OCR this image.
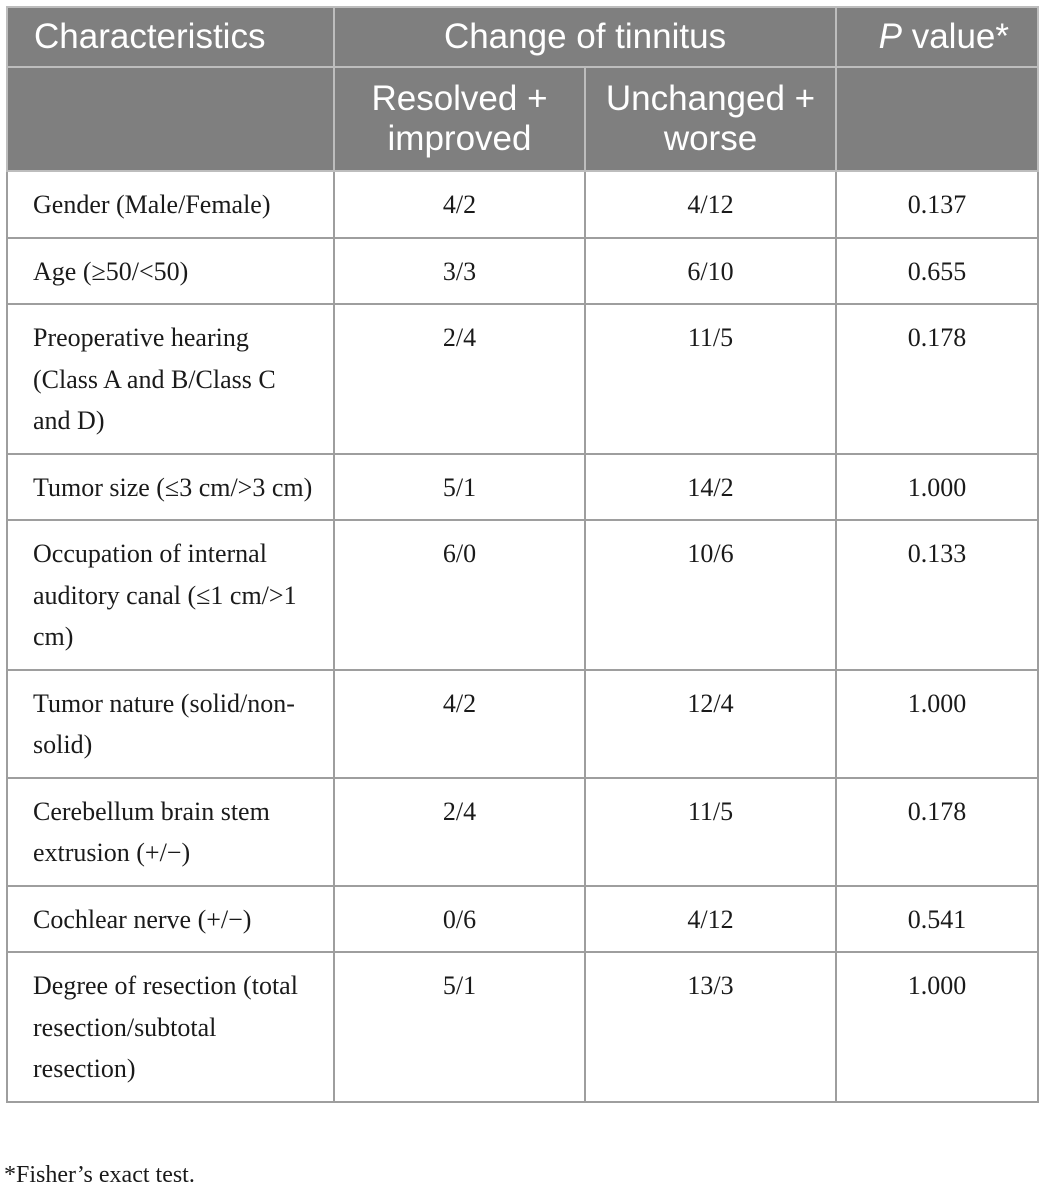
Characteristics	Change of tinnitus		P value*
	Resolved + improved	Unchanged + worse	
Gender (Male/Female)	4/2	4/12	0.137
Age (≥50/<50)	3/3	6/10	0.655
Preoperative hearing (Class A and B/Class C and D)	2/4	11/5	0.178
Tumor size (≤3 cm/>3 cm)	5/1	14/2	1.000
Occupation of internal auditory canal (≤1 cm/>1 cm)	6/0	10/6	0.133
Tumor nature (solid/non-solid)	4/2	12/4	1.000
Cerebellum brain stem extrusion (+/−)	2/4	11/5	0.178
Cochlear nerve (+/−)	0/6	4/12	0.541
Degree of resection (total resection/subtotal resection)	5/1	13/3	1.000
*Fisher’s exact test.
